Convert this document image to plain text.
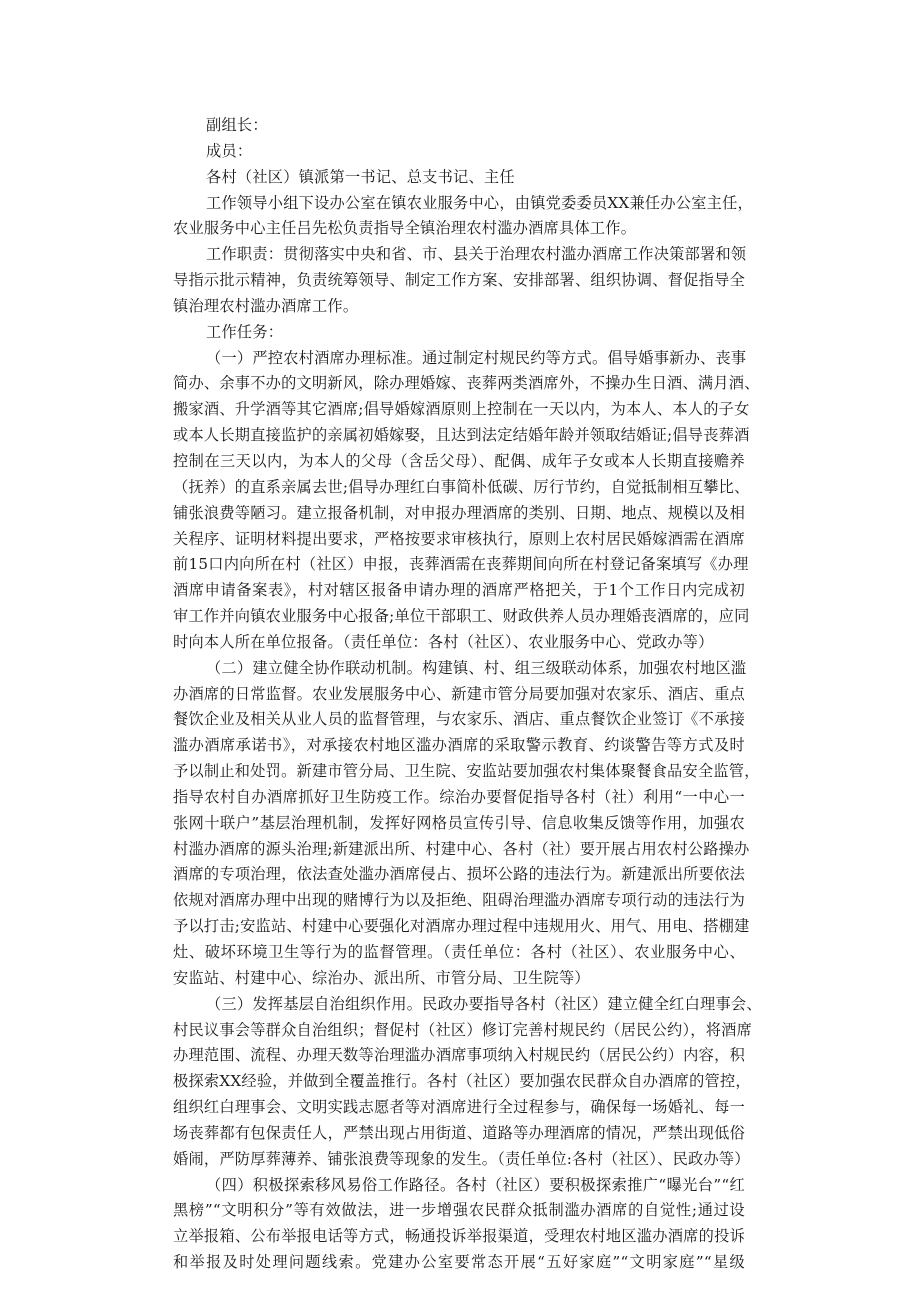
副组长：
成员：
各村（社区）镇派第一书记、总支书记、主任
工作领导小组下设办公室在镇农业服务中心，由镇党委委员XX兼任办公室主任，
农业服务中心主任吕先松负责指导全镇治理农村滥办酒席具体工作。
工作职责：贯彻落实中央和省、市、县关于治理农村滥办酒席工作决策部署和领
导指示批示精神，负责统筹领导、制定工作方案、安排部署、组织协调、督促指导全
镇治理农村滥办酒席工作。
工作任务：
（一）严控农村酒席办理标准。通过制定村规民约等方式。倡导婚事新办、丧事
简办、余事不办的文明新风，除办理婚嫁、丧葬两类酒席外，不操办生日酒、满月酒、
搬家酒、升学酒等其它酒席;倡导婚嫁酒原则上控制在一天以内，为本人、本人的子女
或本人长期直接监护的亲属初婚嫁娶，且达到法定结婚年龄并领取结婚证;倡导丧葬酒
控制在三天以内，为本人的父母（含岳父母）、配偶、成年子女或本人长期直接赡养
（抚养）的直系亲属去世;倡导办理红白事简朴低碳、厉行节约，自觉抵制相互攀比、
铺张浪费等陋习。建立报备机制，对申报办理酒席的类别、日期、地点、规模以及相
关程序、证明材料提出要求，严格按要求审核执行，原则上农村居民婚嫁酒需在酒席
前15口内向所在村（社区）申报，丧葬酒需在丧葬期间向所在村登记备案填写《办理
酒席申请备案表》，村对辖区报备申请办理的酒席严格把关，于1个工作日内完成初
审工作并向镇农业服务中心报备;单位干部职工、财政供养人员办理婚丧酒席的，应同
时向本人所在单位报备。（责任单位：各村（社区）、农业服务中心、党政办等）
（二）建立健全协作联动机制。构建镇、村、组三级联动体系，加强农村地区滥
办酒席的日常监督。农业发展服务中心、新建市管分局要加强对农家乐、酒店、重点
餐饮企业及相关从业人员的监督管理，与农家乐、酒店、重点餐饮企业签订《不承接
滥办酒席承诺书》，对承接农村地区滥办酒席的采取警示教育、约谈警告等方式及时
予以制止和处罚。新建市管分局、卫生院、安监站要加强农村集体聚餐食品安全监管，
指导农村自办酒席抓好卫生防疫工作。综治办要督促指导各村（社）利用“一中心一
张网十联户”基层治理机制，发挥好网格员宣传引导、信息收集反馈等作用，加强农
村滥办酒席的源头治理;新建派出所、村建中心、各村（社）要开展占用农村公路操办
酒席的专项治理，依法查处滥办酒席侵占、损坏公路的违法行为。新建派出所要依法
依规对酒席办理中出现的赌博行为以及拒绝、阻碍治理滥办酒席专项行动的违法行为
予以打击;安监站、村建中心要强化对酒席办理过程中违规用火、用气、用电、搭棚建
灶、破坏环境卫生等行为的监督管理。（责任单位：各村（社区）、农业服务中心、
安监站、村建中心、综治办、派出所、市管分局、卫生院等）
（三）发挥基层自治组织作用。民政办要指导各村（社区）建立健全红白理事会、
村民议事会等群众自治组织；督促村（社区）修订完善村规民约（居民公约），将酒席
办理范围、流程、办理天数等治理滥办酒席事项纳入村规民约（居民公约）内容，积
极探索XX经验，并做到全覆盖推行。各村（社区）要加强农民群众自办酒席的管控，
组织红白理事会、文明实践志愿者等对酒席进行全过程参与，确保每一场婚礼、每一
场丧葬都有包保责任人，严禁出现占用街道、道路等办理酒席的情况，严禁出现低俗
婚闹，严防厚葬薄养、铺张浪费等现象的发生。（责任单位:各村（社区）、民政办等）
（四）积极探索移风易俗工作路径。各村（社区）要积极探索推广“曝光台”“红
黑榜”“文明积分”等有效做法，进一步增强农民群众抵制滥办酒席的自觉性;通过设
立举报箱、公布举报电话等方式，畅通投诉举报渠道，受理农村地区滥办酒席的投诉
和举报及时处理问题线索。党建办公室要常态开展“五好家庭”“文明家庭”“星级
